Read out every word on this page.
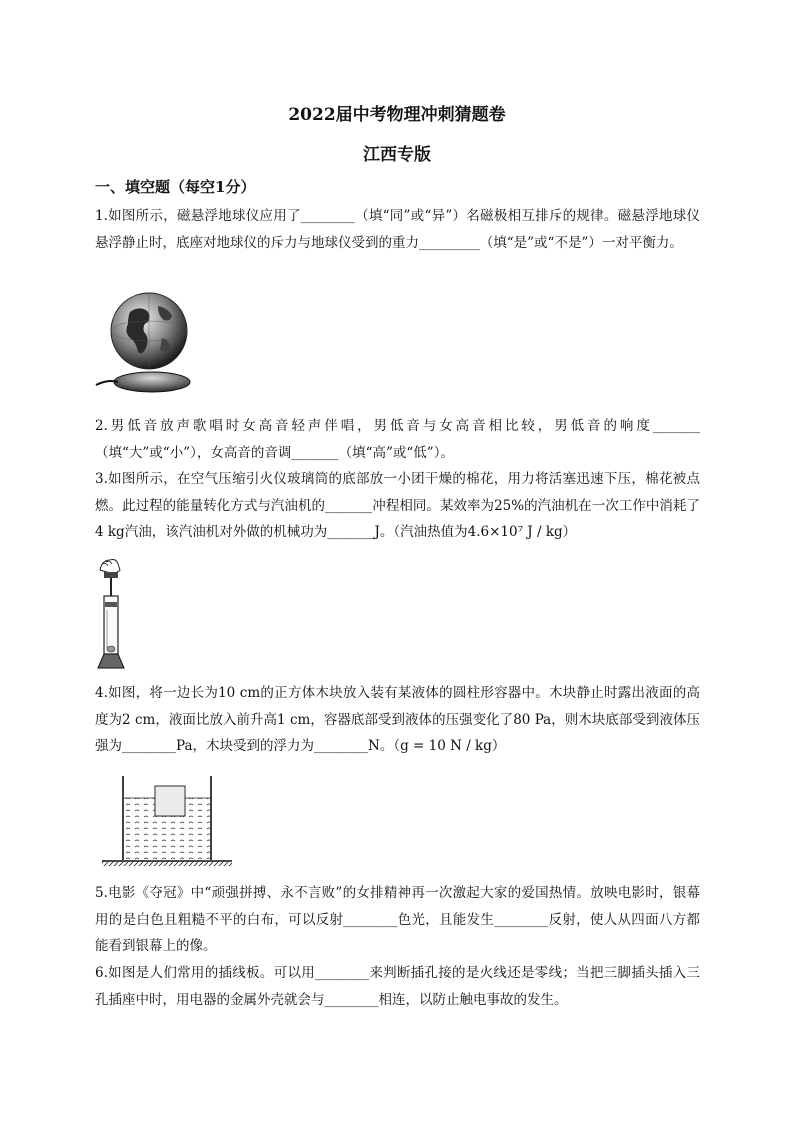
2022届中考物理冲刺猜题卷
江西专版
一、填空题（每空1分）
1.如图所示，磁悬浮地球仪应用了________（填“同”或“异”）名磁极相互排斥的规律。磁悬浮地球仪悬浮静止时，底座对地球仪的斥力与地球仪受到的重力_________（填“是”或“不是”）一对平衡力。
2.男低音放声歌唱时女高音轻声伴唱，男低音与女高音相比较，男低音的响度_______（填“大”或“小”），女高音的音调_______（填“高”或“低”）。
3.如图所示，在空气压缩引火仪玻璃筒的底部放一小团干燥的棉花，用力将活塞迅速下压，棉花被点燃。此过程的能量转化方式与汽油机的_______冲程相同。某效率为25%的汽油机在一次工作中消耗了4 kg汽油，该汽油机对外做的机械功为_______J。（汽油热值为4.6×10⁷ J / kg）
4.如图，将一边长为10 cm的正方体木块放入装有某液体的圆柱形容器中。木块静止时露出液面的高度为2 cm，液面比放入前升高1 cm，容器底部受到液体的压强变化了80 Pa，则木块底部受到液体压强为________Pa，木块受到的浮力为________N。（g = 10 N / kg）
5.电影《夺冠》中“顽强拼搏、永不言败”的女排精神再一次激起大家的爱国热情。放映电影时，银幕用的是白色且粗糙不平的白布，可以反射________色光，且能发生________反射，使人从四面八方都能看到银幕上的像。
6.如图是人们常用的插线板。可以用________来判断插孔接的是火线还是零线；当把三脚插头插入三孔插座中时，用电器的金属外壳就会与________相连，以防止触电事故的发生。
